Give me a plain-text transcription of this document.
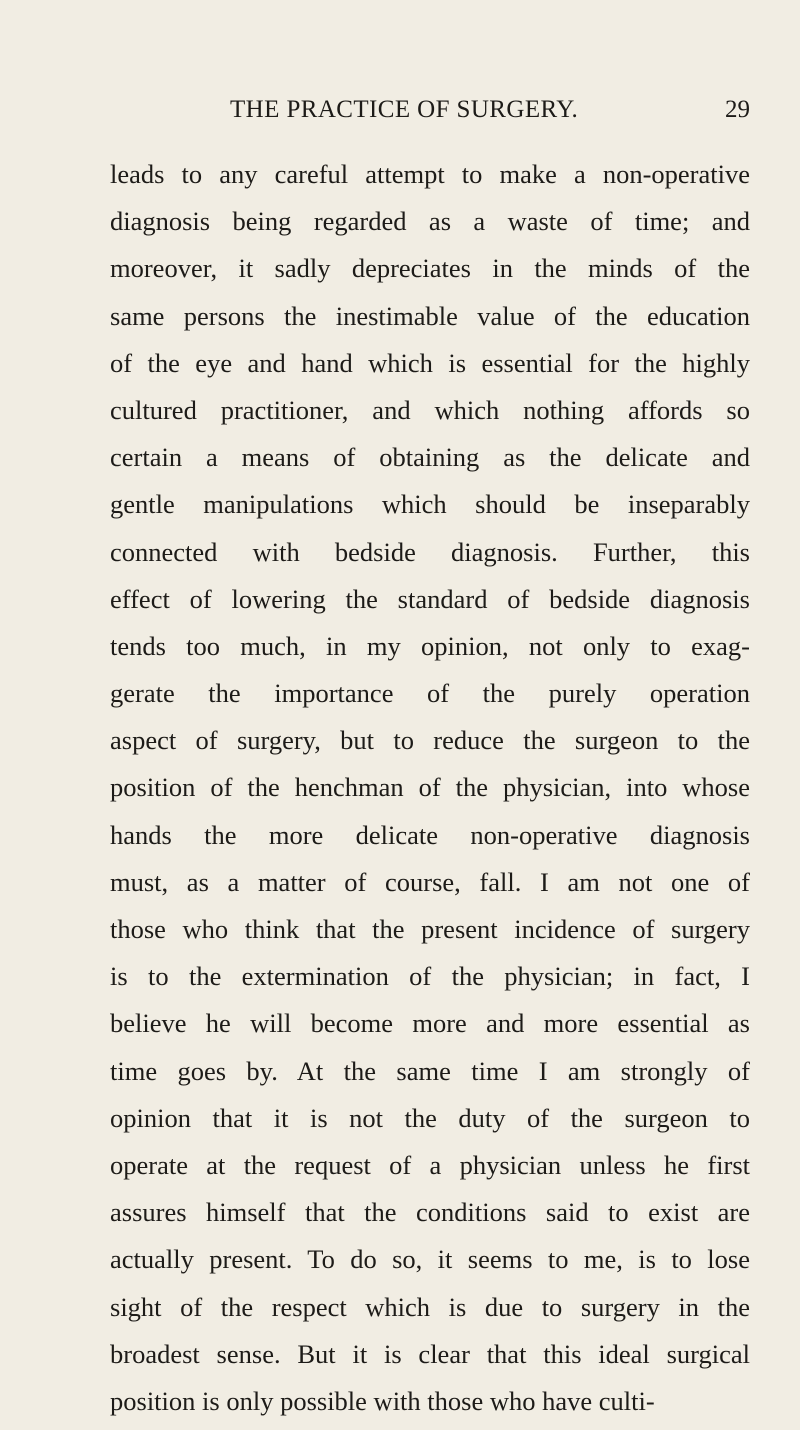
THE PRACTICE OF SURGERY.	29
leads to any careful attempt to make a non-operative
diagnosis being regarded as a waste of time; and
moreover, it sadly depreciates in the minds of the
same persons the inestimable value of the education
of the eye and hand which is essential for the highly
cultured practitioner, and which nothing affords so
certain a means of obtaining as the delicate and
gentle manipulations which should be inseparably
connected with bedside diagnosis. Further, this
effect of lowering the standard of bedside diagnosis
tends too much, in my opinion, not only to exag-
gerate the importance of the purely operation
aspect of surgery, but to reduce the surgeon to the
position of the henchman of the physician, into whose
hands the more delicate non-operative diagnosis
must, as a matter of course, fall. I am not one of
those who think that the present incidence of surgery
is to the extermination of the physician; in fact, I
believe he will become more and more essential as
time goes by. At the same time I am strongly of
opinion that it is not the duty of the surgeon to
operate at the request of a physician unless he first
assures himself that the conditions said to exist are
actually present. To do so, it seems to me, is to lose
sight of the respect which is due to surgery in the
broadest sense. But it is clear that this ideal surgical
position is only possible with those who have culti-
